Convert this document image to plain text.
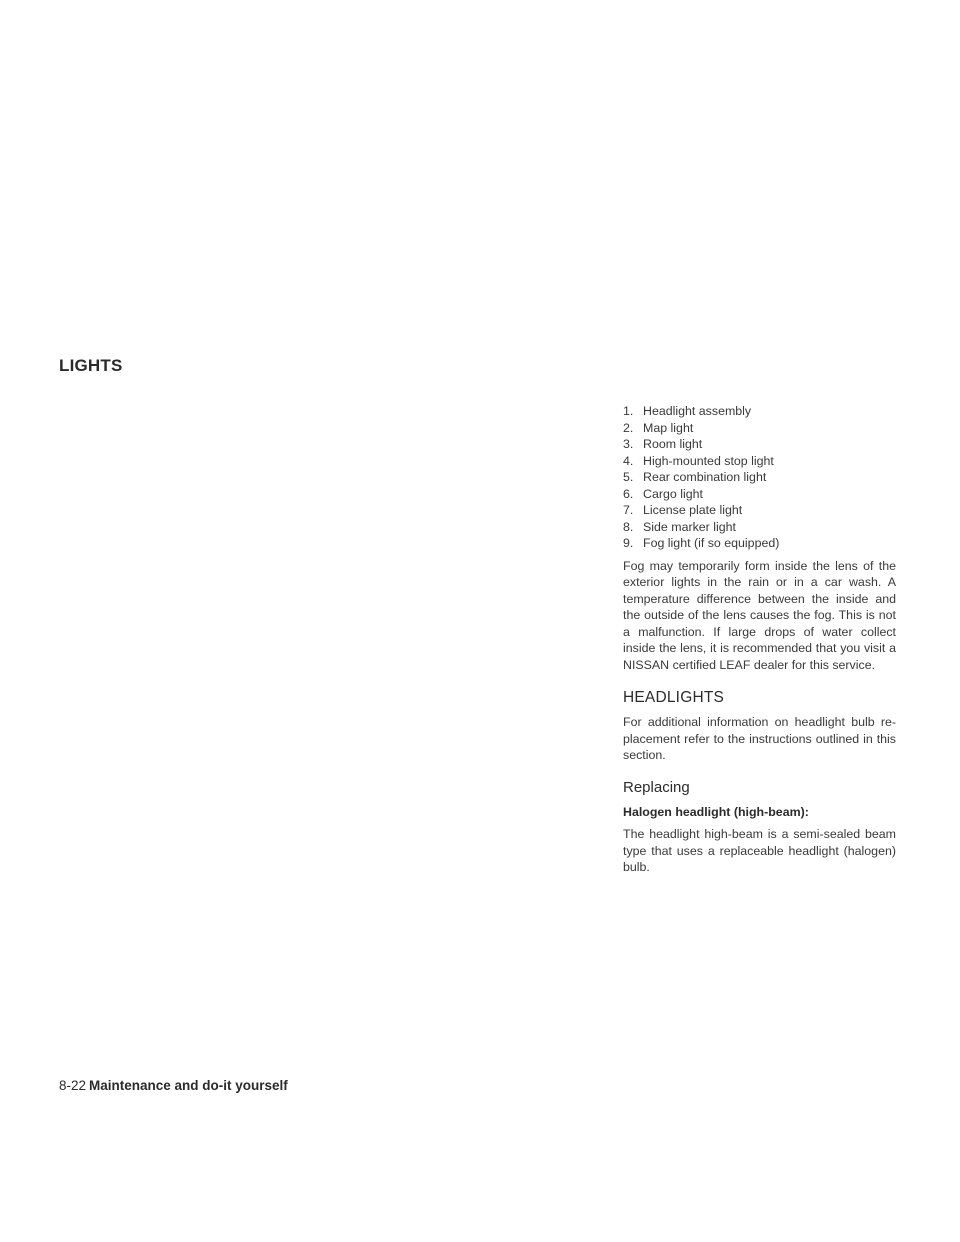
LIGHTS
1. Headlight assembly
2. Map light
3. Room light
4. High-mounted stop light
5. Rear combination light
6. Cargo light
7. License plate light
8. Side marker light
9. Fog light (if so equipped)

Fog may temporarily form inside the lens of the exterior lights in the rain or in a car wash. A temperature difference between the inside and the outside of the lens causes the fog. This is not a malfunction. If large drops of water collect inside the lens, it is recommended that you visit a NISSAN certified LEAF dealer for this service.

HEADLIGHTS

For additional information on headlight bulb re-placement refer to the instructions outlined in this section.

Replacing
Halogen headlight (high-beam):

The headlight high-beam is a semi-sealed beam type that uses a replaceable headlight (halogen) bulb.

8-22 Maintenance and do-it yourself
